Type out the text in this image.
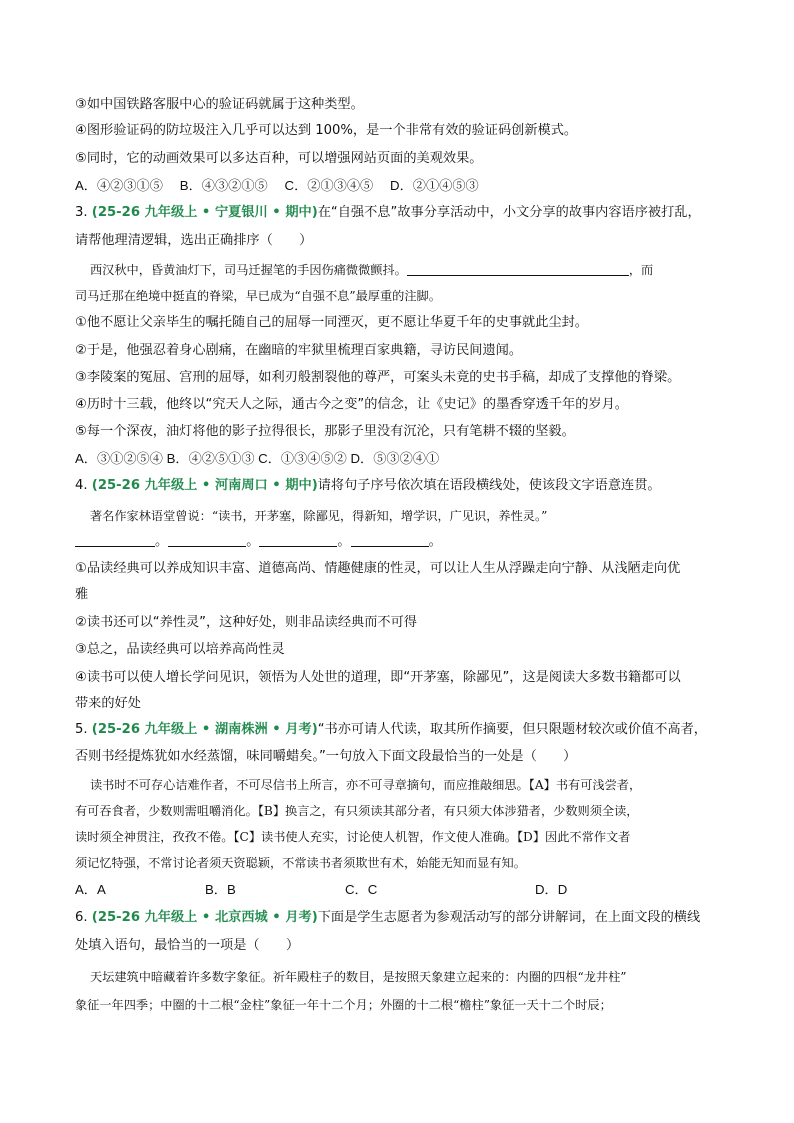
③如中国铁路客服中心的验证码就属于这种类型。
④图形验证码的防垃圾注入几乎可以达到 100%，是一个非常有效的验证码创新模式。
⑤同时，它的动画效果可以多达百种，可以增强网站页面的美观效果。
A．④②③①⑤　 B．④③②①⑤　 C．②①③④⑤　 D．②①④⑤③
3. (25-26 九年级上 • 宁夏银川 • 期中)在“自强不息”故事分享活动中，小文分享的故事内容语序被打乱，
请帮他理清逻辑，选出正确排序（　　）
西汉秋中，昏黄油灯下，司马迁握笔的手因伤痛微微颤抖。	，而
司马迁那在绝境中挺直的脊梁，早已成为“自强不息”最厚重的注脚。
①他不愿让父亲毕生的嘱托随自己的屈辱一同湮灭，更不愿让华夏千年的史事就此尘封。
②于是，他强忍着身心剧痛，在幽暗的牢狱里梳理百家典籍，寻访民间遗闻。
③李陵案的冤屈、宫刑的屈辱，如利刃般割裂他的尊严，可案头未竟的史书手稿，却成了支撑他的脊梁。
④历时十三载，他终以“究天人之际，通古今之变”的信念，让《史记》的墨香穿透千年的岁月。
⑤每一个深夜，油灯将他的影子拉得很长，那影子里没有沉沦，只有笔耕不辍的坚毅。
A．③①②⑤④ B．④②⑤①③ C．①③④⑤② D．⑤③②④①
4. (25-26 九年级上 • 河南周口 • 期中)请将句子序号依次填在语段横线处，使该段文字语意连贯。
著名作家林语堂曾说：“读书，开茅塞，除鄙见，得新知，增学识，广见识，养性灵。”
。	。	。	。
①品读经典可以养成知识丰富、道德高尚、情趣健康的性灵，可以让人生从浮躁走向宁静、从浅陋走向优
雅
②读书还可以“养性灵”，这种好处，则非品读经典而不可得
③总之，品读经典可以培养高尚性灵
④读书可以使人增长学问见识，领悟为人处世的道理，即“开茅塞，除鄙见”，这是阅读大多数书籍都可以
带来的好处
5. (25-26 九年级上 • 湖南株洲 • 月考)“书亦可请人代读，取其所作摘要，但只限题材较次或价值不高者，
否则书经提炼犹如水经蒸馏，味同嚼蜡矣。”一句放入下面文段最恰当的一处是（　　）
读书时不可存心诘难作者，不可尽信书上所言，亦不可寻章摘句，而应推敲细思。【A】书有可浅尝者，
有可吞食者，少数则需咀嚼消化。【B】换言之，有只须读其部分者，有只须大体涉猎者，少数则须全读，
读时须全神贯注，孜孜不倦。【C】读书使人充实，讨论使人机智，作文使人准确。【D】因此不常作文者
须记忆特强，不常讨论者须天资聪颖，不常读书者须欺世有术，始能无知而显有知。
A．A	B．B	C．C	D．D
6. (25-26 九年级上 • 北京西城 • 月考)下面是学生志愿者为参观活动写的部分讲解词，在上面文段的横线
处填入语句，最恰当的一项是（　　）
天坛建筑中暗藏着许多数字象征。祈年殿柱子的数目，是按照天象建立起来的：内圈的四根“龙井柱”
象征一年四季；中圈的十二根“金柱”象征一年十二个月；外圈的十二根“檐柱”象征一天十二个时辰；
